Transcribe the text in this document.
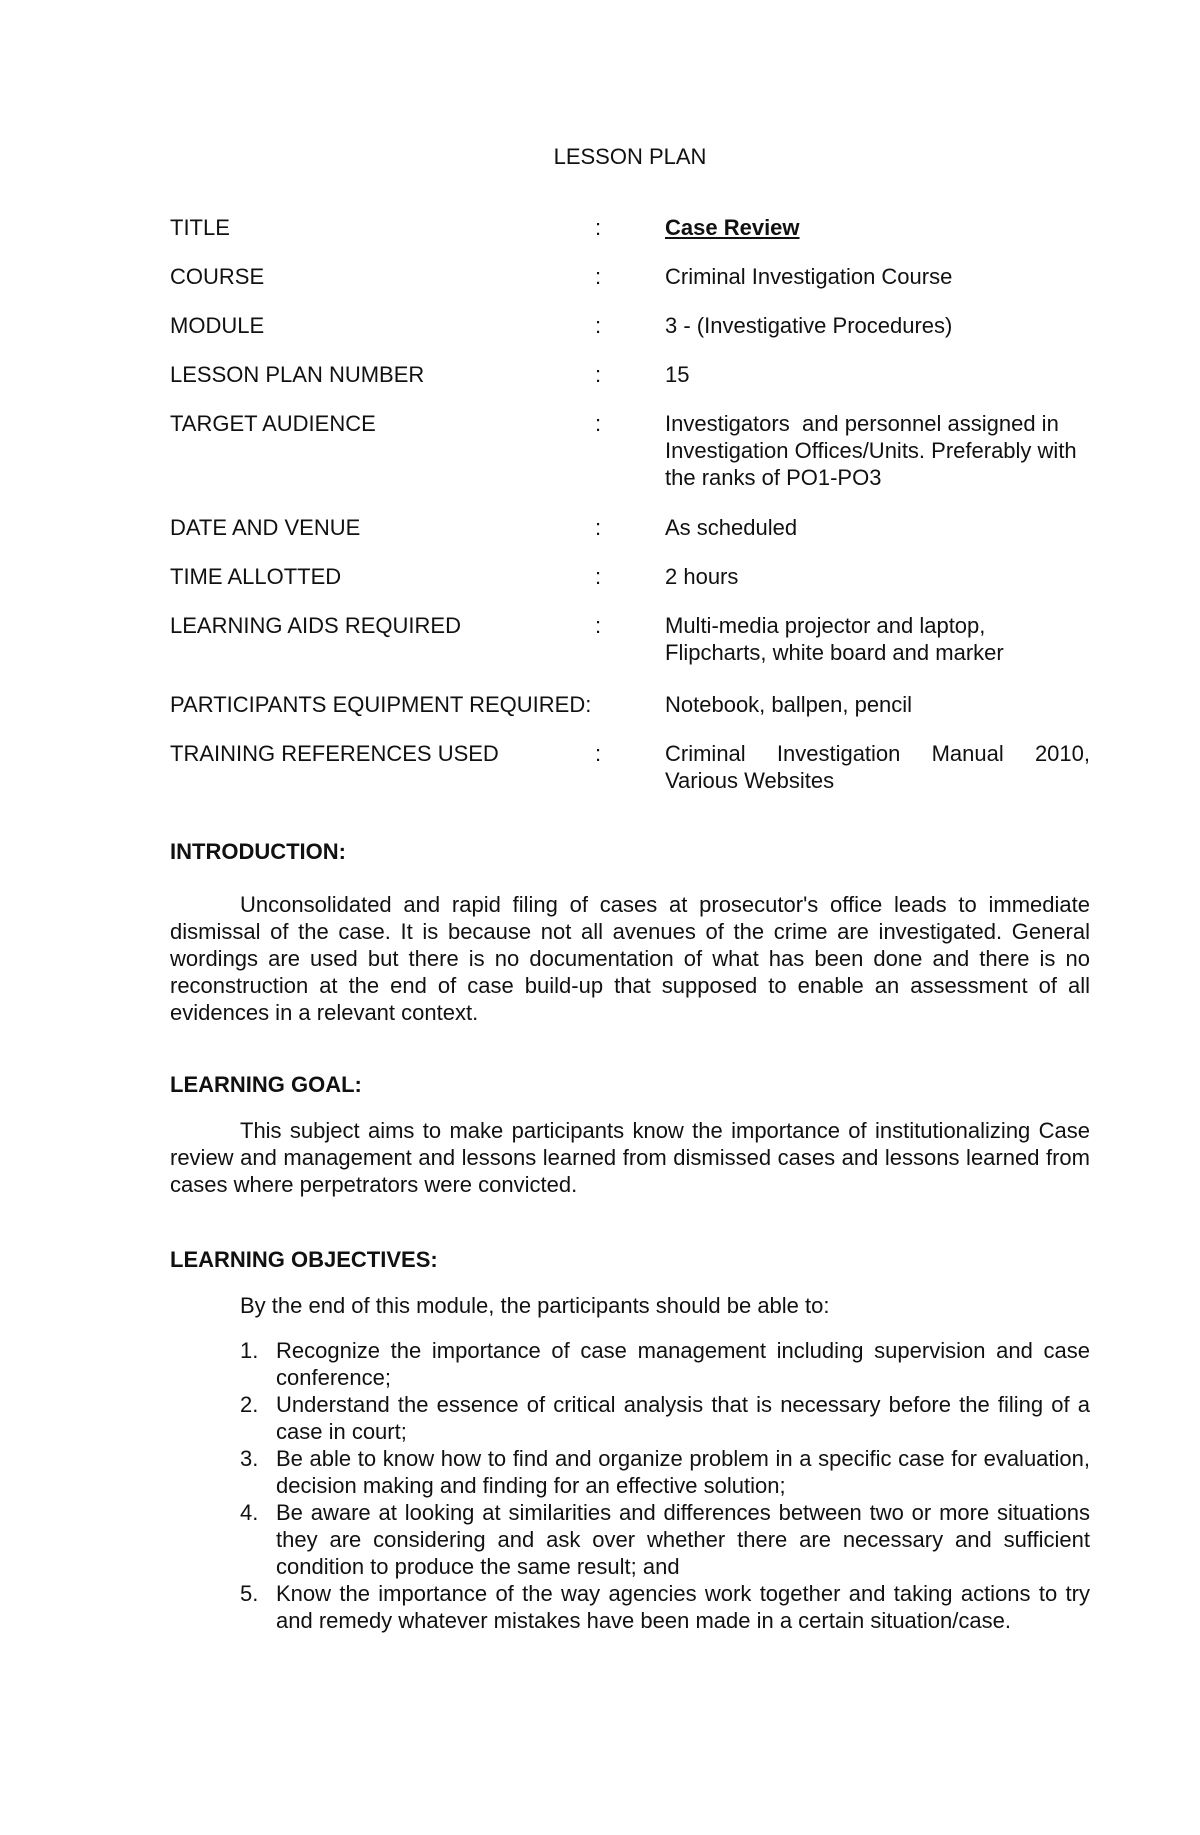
LESSON PLAN
TITLE	:	Case Review
COURSE	:	Criminal Investigation Course
MODULE	:	3 - (Investigative Procedures)
LESSON PLAN NUMBER	:	15
TARGET AUDIENCE	:	Investigators  and personnel assigned in Investigation Offices/Units. Preferably with the ranks of PO1-PO3
DATE AND VENUE	:	As scheduled
TIME ALLOTTED	:	2 hours
LEARNING AIDS REQUIRED	:	Multi-media projector and laptop, Flipcharts, white board and marker
PARTICIPANTS EQUIPMENT REQUIRED:	Notebook, ballpen, pencil
TRAINING REFERENCES USED	:	Criminal Investigation Manual 2010, Various Websites
INTRODUCTION:
Unconsolidated and rapid filing of cases at prosecutor's office leads to immediate dismissal of the case. It is because not all avenues of the crime are investigated. General wordings are used but there is no documentation of what has been done and there is no reconstruction at the end of case build-up that supposed to enable an assessment of all evidences in a relevant context.
LEARNING GOAL:
This subject aims to make participants know the importance of institutionalizing Case review and management and lessons learned from dismissed cases and lessons learned from cases where perpetrators were convicted.
LEARNING OBJECTIVES:
By the end of this module, the participants should be able to:
1. Recognize the importance of case management including supervision and case conference;
2. Understand the essence of critical analysis that is necessary before the filing of a case in court;
3. Be able to know how to find and organize problem in a specific case for evaluation, decision making and finding for an effective solution;
4. Be aware at looking at similarities and differences between two or more situations they are considering and ask over whether there are necessary and sufficient condition to produce the same result; and
5. Know the importance of the way agencies work together and taking actions to try and remedy whatever mistakes have been made in a certain situation/case.
